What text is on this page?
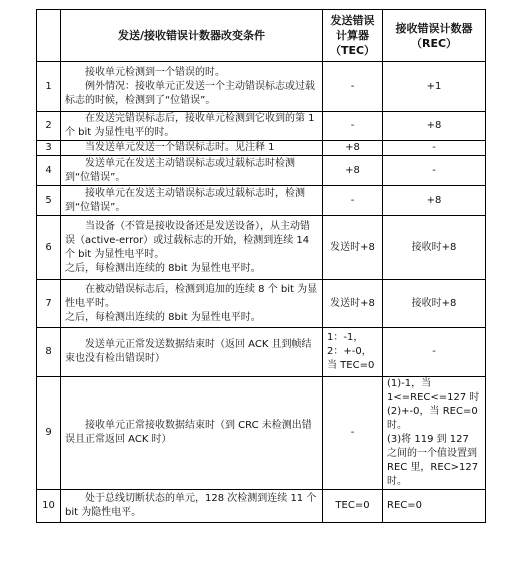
	发送/接收错误计数器改变条件	发送错误
计算器
（TEC）	接收错误计数器
（REC）

1	接收单元检测到一个错误的时。
例外情况：接收单元正发送一个主动错误标志或过载标志的时候，检测到了“位错误”。	-	+1

2	在发送完错误标志后，接收单元检测到它收到的第 1 个 bit 为显性电平的时。	-	+8

3	当发送单元发送一个错误标志时。见注释 1	+8	-

4	发送单元在发送主动错误标志或过载标志时检测到“位错误”。	+8	-

5	接收单元在发送主动错误标志或过载标志时，检测到“位错误”。	-	+8

6	当设备（不管是接收设备还是发送设备），从主动错误（active-error）或过载标志的开始，检测到连续 14 个 bit 为显性电平时。
之后，每检测出连续的 8bit 为显性电平时。	发送时+8	接收时+8

7	在被动错误标志后，检测到追加的连续 8 个 bit 为显性电平时。
之后，每检测出连续的 8bit 为显性电平时。	发送时+8	接收时+8

8	发送单元正常发送数据结束时（返回 ACK 且到帧结束也没有检出错误时）	1：-1，
2：+-0，
当 TEC=0	-

9	接收单元正常接收数据结束时（到 CRC 未检测出错误且正常返回 ACK 时）	-	(1)-1，当
1<=REC<=127 时
(2)+-0，当 REC=0时。
(3)将 119 到 127 之间的一个值设置到 REC 里，REC>127时。

10	处于总线切断状态的单元，128 次检测到连续 11 个 bit 为隐性电平。	TEC=0	REC=0
